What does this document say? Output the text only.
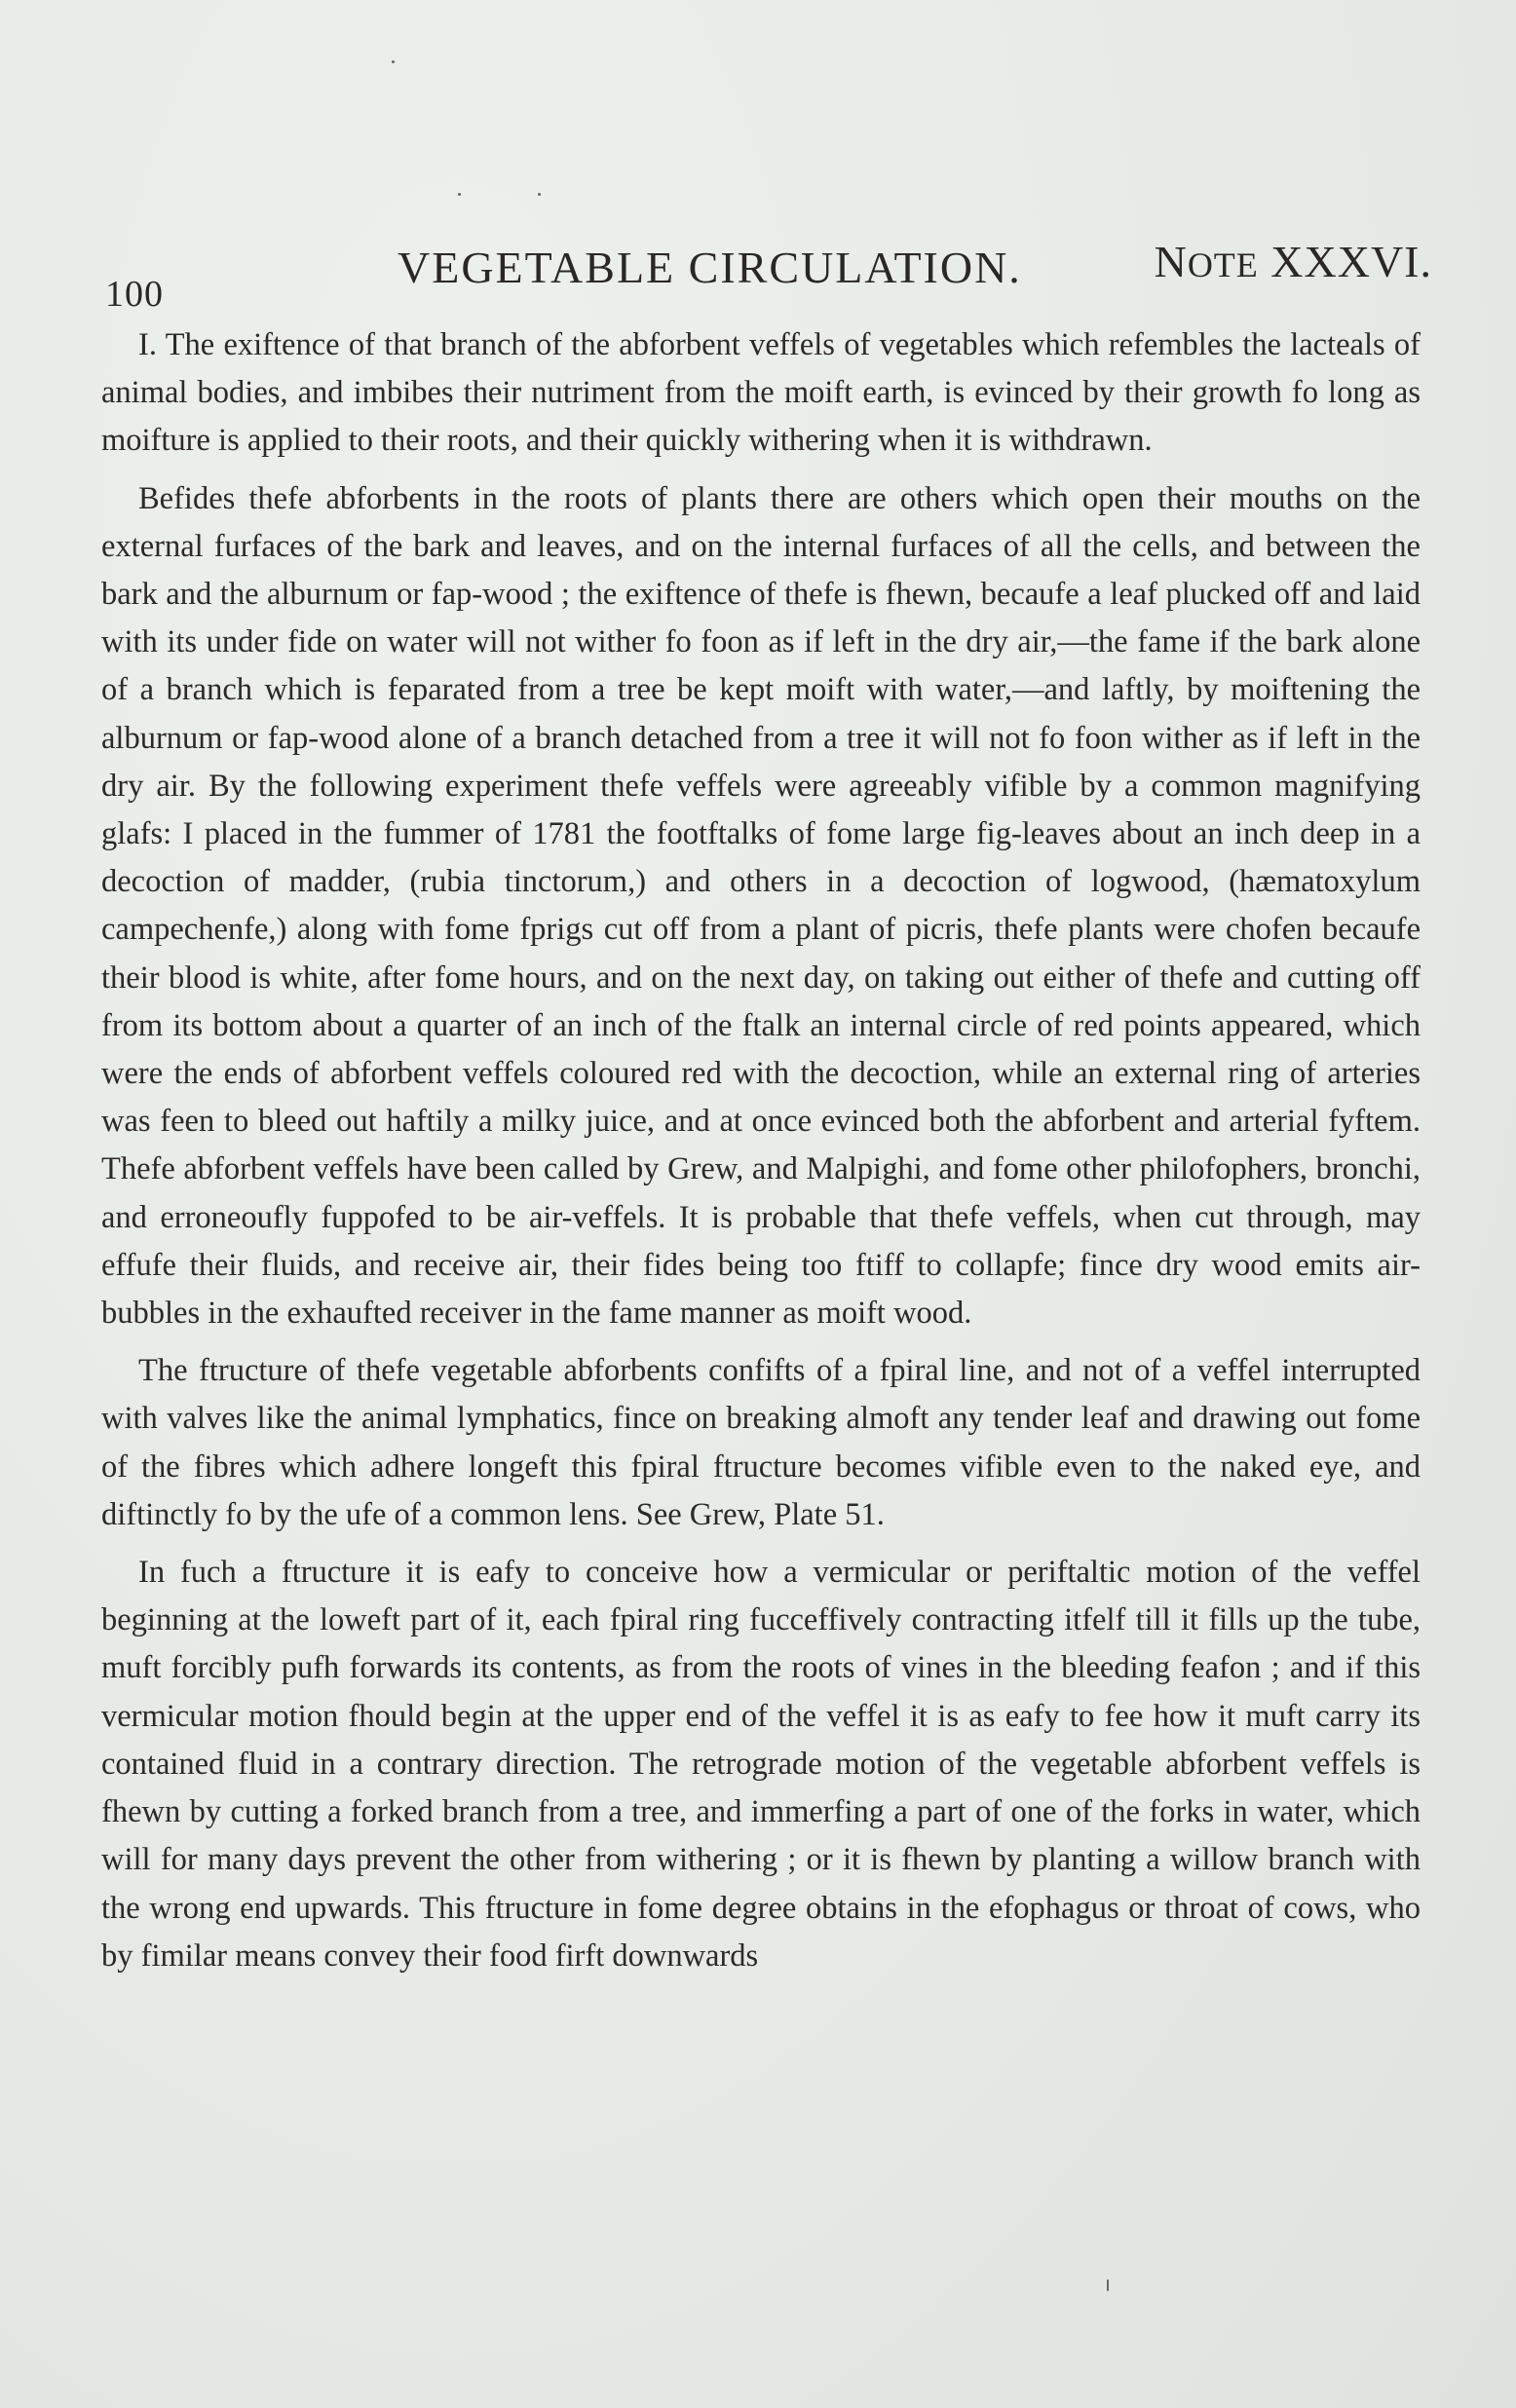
100
VEGETABLE CIRCULATION.	NOTE XXXVI.

I. The exiftence of that branch of the abforbent veffels of vegetables which refembles the lacteals of animal bodies, and imbibes their nutriment from the moift earth, is evinced by their growth fo long as moifture is applied to their roots, and their quickly withering when it is withdrawn.

Befides thefe abforbents in the roots of plants there are others which open their mouths on the external furfaces of the bark and leaves, and on the internal furfaces of all the cells, and between the bark and the alburnum or fap-wood ; the exiftence of thefe is fhewn, becaufe a leaf plucked off and laid with its under fide on water will not wither fo foon as if left in the dry air,—the fame if the bark alone of a branch which is feparated from a tree be kept moift with water,—and laftly, by moiftening the alburnum or fap-wood alone of a branch detached from a tree it will not fo foon wither as if left in the dry air. By the following experiment thefe veffels were agreeably vifible by a common magnifying glafs: I placed in the fummer of 1781 the footftalks of fome large fig-leaves about an inch deep in a decoction of madder, (rubia tinctorum,) and others in a decoction of logwood, (hæmatoxylum campechenfe,) along with fome fprigs cut off from a plant of picris, thefe plants were chofen becaufe their blood is white, after fome hours, and on the next day, on taking out either of thefe and cutting off from its bottom about a quarter of an inch of the ftalk an internal circle of red points appeared, which were the ends of abforbent veffels coloured red with the decoction, while an external ring of arteries was feen to bleed out haftily a milky juice, and at once evinced both the abforbent and arterial fyftem. Thefe abforbent veffels have been called by Grew, and Malpighi, and fome other philofophers, bronchi, and erroneoufly fuppofed to be air-veffels. It is probable that thefe veffels, when cut through, may effufe their fluids, and receive air, their fides being too ftiff to collapfe; fince dry wood emits air-bubbles in the exhaufted receiver in the fame manner as moift wood.

The ftructure of thefe vegetable abforbents confifts of a fpiral line, and not of a veffel interrupted with valves like the animal lymphatics, fince on breaking almoft any tender leaf and drawing out fome of the fibres which adhere longeft this fpiral ftructure becomes vifible even to the naked eye, and diftinctly fo by the ufe of a common lens. See Grew, Plate 51.

In fuch a ftructure it is eafy to conceive how a vermicular or periftaltic motion of the veffel beginning at the loweft part of it, each fpiral ring fucceffively contracting itfelf till it fills up the tube, muft forcibly pufh forwards its contents, as from the roots of vines in the bleeding feafon ; and if this vermicular motion fhould begin at the upper end of the veffel it is as eafy to fee how it muft carry its contained fluid in a contrary direction. The retrograde motion of the vegetable abforbent veffels is fhewn by cutting a forked branch from a tree, and immerfing a part of one of the forks in water, which will for many days prevent the other from withering ; or it is fhewn by planting a willow branch with the wrong end upwards. This ftructure in fome degree obtains in the efophagus or throat of cows, who by fimilar means convey their food firft downwards
